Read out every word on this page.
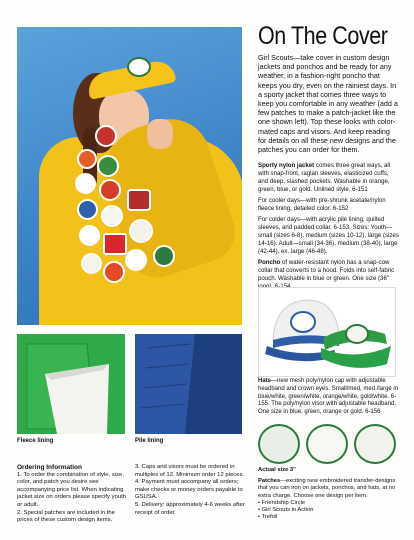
On The Cover
Girl Scouts—take cover in custom design jackets and ponchos and be ready for any weather, in a fashion-right poncho that keeps you dry, even on the rainiest days. In a sporty jacket that comes three ways to keep you comfortable in any weather (add a few patches to make a patch-jacket like the one shown left). Top these looks with color-mated caps and visors. And keep reading for details on all these new designs and the patches you can order for them.

Sporty nylon jacket comes three great ways, all with snap-front, raglan sleeves, elasticized cuffs, and deep, slashed pockets. Washable in orange, green, blue, or gold. Unlined style. 6-151

For cooler days—with pre-shrunk acetate/nylon fleece lining, detailed color. 6-152

For colder days—with acrylic pile lining, quilted sleeves, and padded collar. 6-153. Sizes: Youth—small (sizes 6-8), medium (sizes 10-12), large (sizes 14-16). Adult—small (34-36), medium (38-40), large (42-44), ex. large (46-48).

Poncho of water-resistant nylon has a snap-cow collar that converts to a hood. Folds into self-fabric pouch. Washable in blue or green. One size (36"

Hats—new mesh poly/nylon cap with adjustable headband and crown eyes. Small/med, med./large in blue/white, green/white, orange/white, gold/white. 6-155. The poly/nylon visor with adjustable headband. One size in blue, green, orange or gold. 6-156
Fleece lining	Pile lining
Ordering Information
1. To order the combination of style, size, color, and patch you desire see accompanying price list. When indicating jacket size on orders please specify youth or adult.
2. Special patches are included in the prices of these custom design items.
3. Caps and visors must be ordered in multiples of 12. Minimum order 12 pieces.
4. Payment must accompany all orders; make checks or money orders payable to GSUSA.
5. Delivery: approximately 4-6 weeks after receipt of order.
Actual size 3"
Patches—exciting new embroidered transfer-designs that you can iron on jackets, ponchos, and hats, at no extra charge. Choose one design per item.
• Friendship Circle
• Girl Scouts in Action
• Trefoil
